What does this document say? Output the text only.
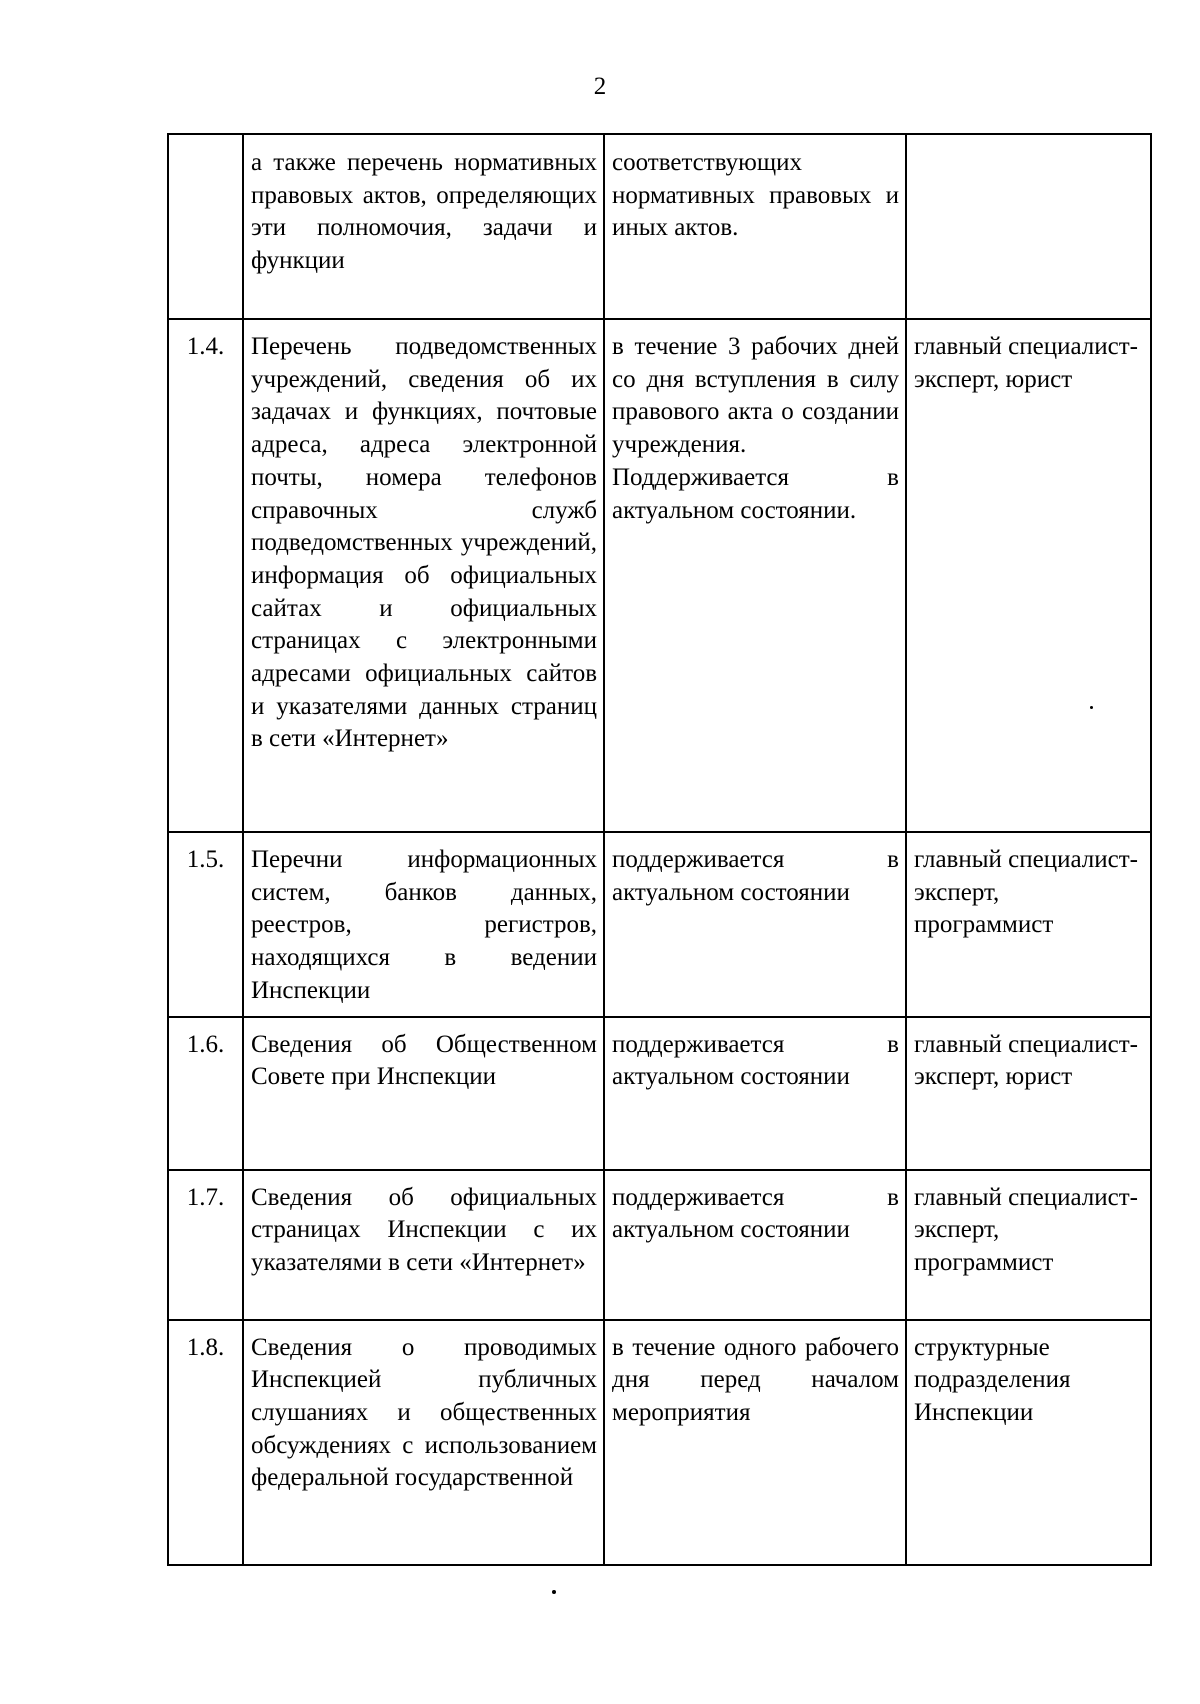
2
	а также перечень нормативных правовых актов, определяющих эти полномочия, задачи и функции	соответствующих нормативных правовых и иных актов.	
1.4.	Перечень подведомственных учреждений, сведения об их задачах и функциях, почтовые адреса, адреса электронной почты, номера телефонов справочных служб подведомственных учреждений, информация об официальных сайтах и официальных страницах с электронными адресами официальных сайтов и указателями данных страниц в сети «Интернет»	в течение 3 рабочих дней со дня вступления в силу правового акта о создании учреждения. Поддерживается в актуальном состоянии.	главный специалист-эксперт, юрист
1.5.	Перечни информационных систем, банков данных, реестров, регистров, находящихся в ведении Инспекции	поддерживается в актуальном состоянии	главный специалист-эксперт, программист
1.6.	Сведения об Общественном Совете при Инспекции	поддерживается в актуальном состоянии	главный специалист-эксперт, юрист
1.7.	Сведения об официальных страницах Инспекции с их указателями в сети «Интернет»	поддерживается в актуальном состоянии	главный специалист-эксперт, программист
1.8.	Сведения о проводимых Инспекцией публичных слушаниях и общественных обсуждениях с использованием федеральной государственной	в течение одного рабочего дня перед началом мероприятия	структурные подразделения Инспекции
